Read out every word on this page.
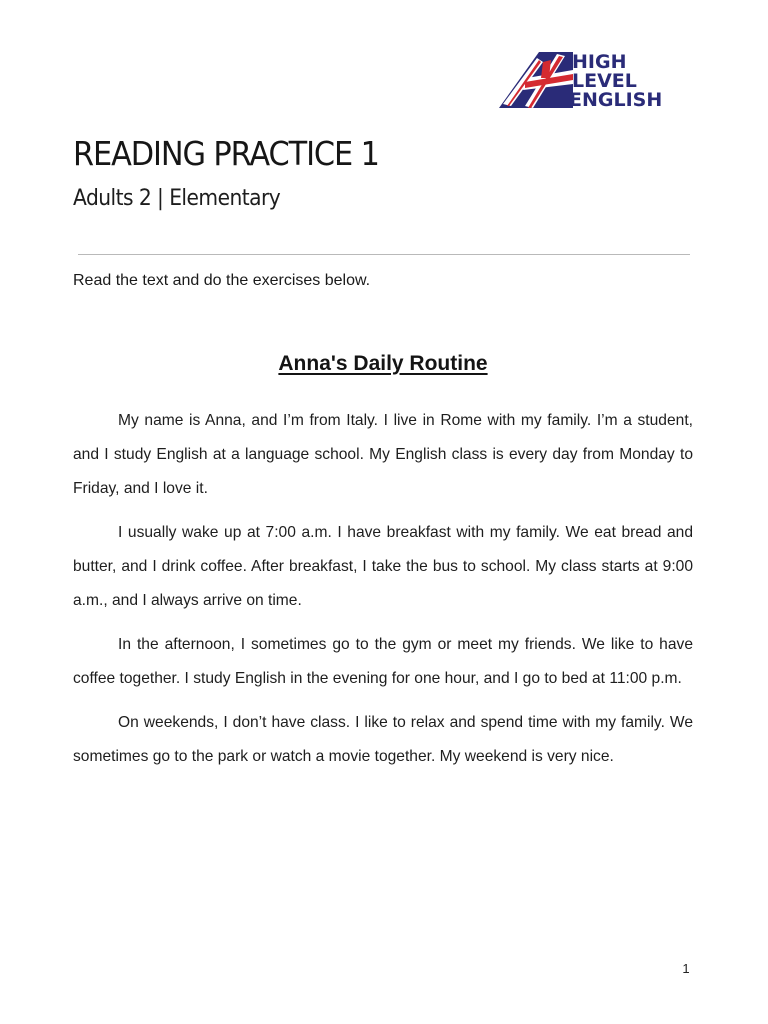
HIGH
LEVEL
ENGLISH
READING PRACTICE 1
Adults 2 | Elementary

Read the text and do the exercises below.

Anna's Daily Routine

My name is Anna, and I’m from Italy. I live in Rome with my family. I’m a student, and I study English at a language school. My English class is every day from Monday to Friday, and I love it.

I usually wake up at 7:00 a.m. I have breakfast with my family. We eat bread and butter, and I drink coffee. After breakfast, I take the bus to school. My class starts at 9:00 a.m., and I always arrive on time.

In the afternoon, I sometimes go to the gym or meet my friends. We like to have coffee together. I study English in the evening for one hour, and I go to bed at 11:00 p.m.

On weekends, I don’t have class. I like to relax and spend time with my family. We sometimes go to the park or watch a movie together. My weekend is very nice.

1
